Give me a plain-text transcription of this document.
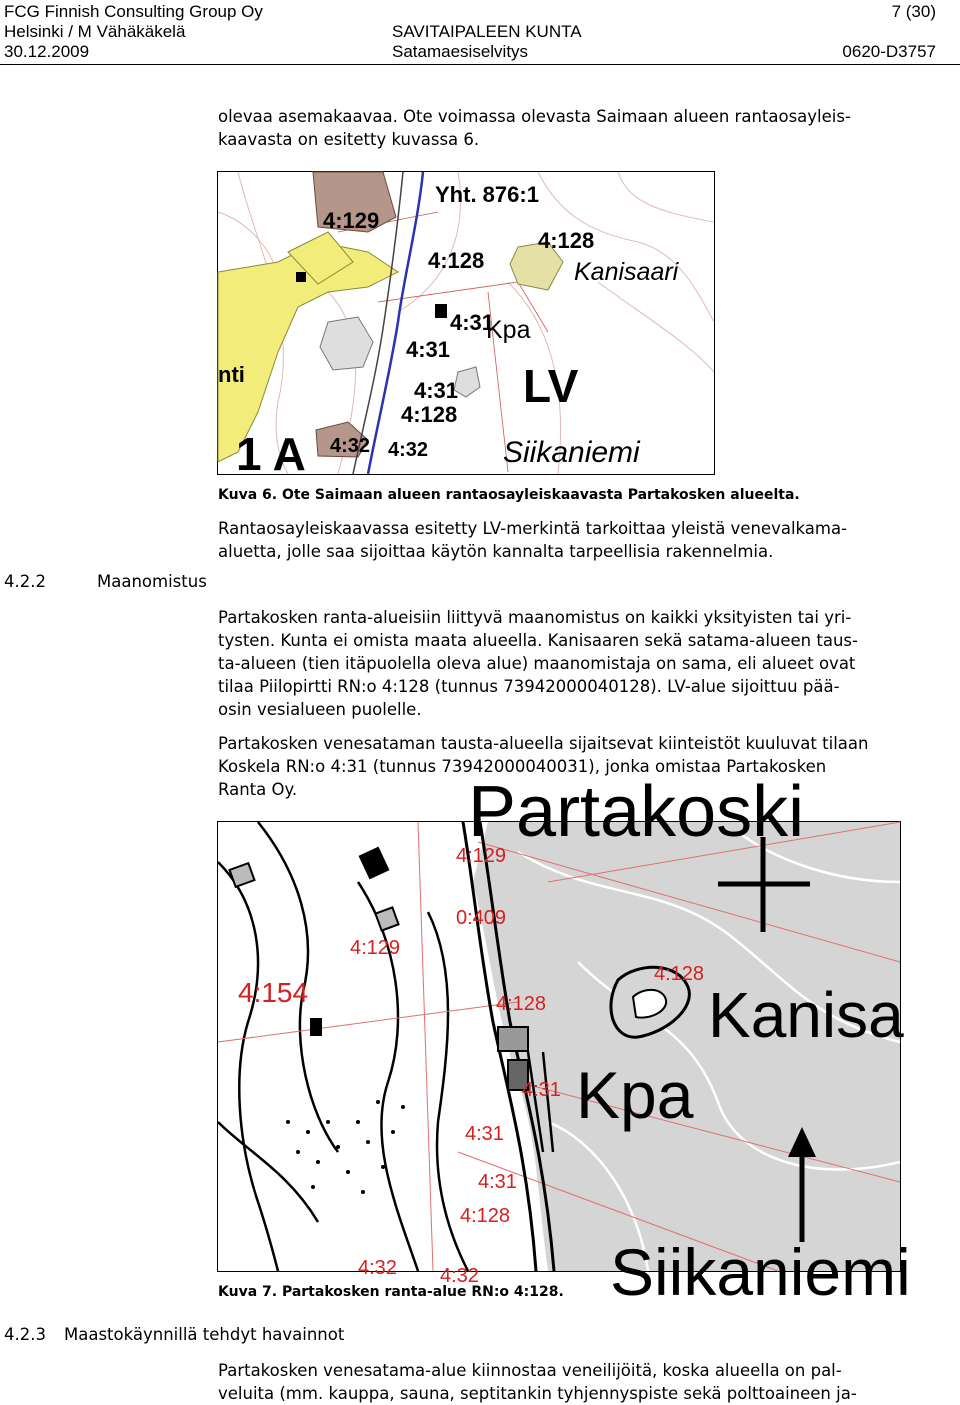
FCG Finnish Consulting Group Oy
Helsinki / M Vähäkäkelä
30.12.2009
SAVITAIPALEEN KUNTA
Satamaesiselvitys
7 (30)
0620-D3757
olevaa asemakaavaa. Ote voimassa olevasta Saimaan alueen rantaosayleis-
kaavasta on esitetty kuvassa 6.
Yht. 876:1
4:129
4:128
4:128
4:31
4:31
nti	LV
4:31
4:128
1 A 4:32 4:32
Kanisaari
Kpa
Siikaniemi
Kuva 6. Ote Saimaan alueen rantaosayleiskaavasta Partakosken alueelta.
Rantaosayleiskaavassa esitetty LV-merkintä tarkoittaa yleistä venevalkama-
aluetta, jolle saa sijoittaa käytön kannalta tarpeellisia rakennelmia.
4.2.2	Maanomistus
Partakosken ranta-alueisiin liittyvä maanomistus on kaikki yksityisten tai yri-
tysten. Kunta ei omista maata alueella. Kanisaaren sekä satama-alueen taus-
ta-alueen (tien itäpuolella oleva alue) maanomistaja on sama, eli alueet ovat
tilaa Piilopirtti RN:o 4:128 (tunnus 73942000040128). LV-alue sijoittuu pää-
osin vesialueen puolelle.
Partakosken venesataman tausta-alueella sijaitsevat kiinteistöt kuuluvat tilaan
Koskela RN:o 4:31 (tunnus 73942000040031), jonka omistaa Partakosken
Ranta Oy.	Partakoski
Kanisa
Kpa
Siikaniemi
4:129
0:409
4:129
4:154
4:128
4:128
4:31
4:31
4:31
4:128
4:32 4:32
Kuva 7. Partakosken ranta-alue RN:o 4:128.
4.2.3 Maastokäynnillä tehdyt havainnot
Partakosken venesatama-alue kiinnostaa veneilijöitä, koska alueella on pal-
veluita (mm. kauppa, sauna, septitankin tyhjennyspiste sekä polttoaineen ja-
